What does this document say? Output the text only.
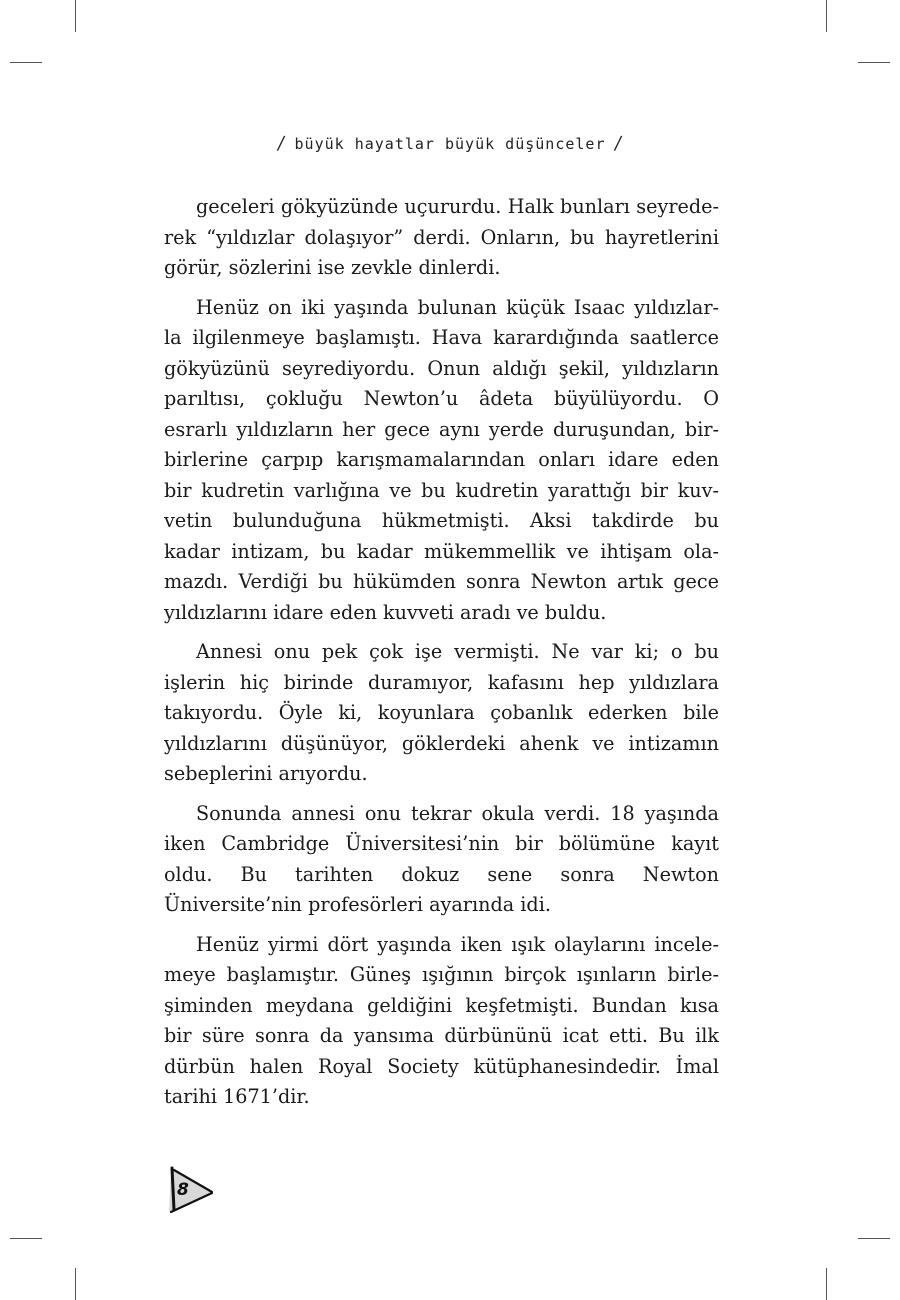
/ büyük hayatlar büyük düşünceler /
geceleri gökyüzünde uçururdu. Halk bunları seyrede-
rek “yıldızlar dolaşıyor” derdi. Onların, bu hayretlerini
görür, sözlerini ise zevkle dinlerdi.
Henüz on iki yaşında bulunan küçük Isaac yıldızlar-
la ilgilenmeye başlamıştı. Hava karardığında saatlerce
gökyüzünü seyrediyordu. Onun aldığı şekil, yıldızların
parıltısı, çokluğu Newton’u âdeta büyülüyordu. O
esrarlı yıldızların her gece aynı yerde duruşundan, bir-
birlerine çarpıp karışmamalarından onları idare eden
bir kudretin varlığına ve bu kudretin yarattığı bir kuv-
vetin bulunduğuna hükmetmişti. Aksi takdirde bu
kadar intizam, bu kadar mükemmellik ve ihtişam ola-
mazdı. Verdiği bu hükümden sonra Newton artık gece
yıldızlarını idare eden kuvveti aradı ve buldu.
Annesi onu pek çok işe vermişti. Ne var ki; o bu
işlerin hiç birinde duramıyor, kafasını hep yıldızlara
takıyordu. Öyle ki, koyunlara çobanlık ederken bile
yıldızlarını düşünüyor, göklerdeki ahenk ve intizamın
sebeplerini arıyordu.
Sonunda annesi onu tekrar okula verdi. 18 yaşında
iken Cambridge Üniversitesi’nin bir bölümüne kayıt
oldu. Bu tarihten dokuz sene sonra Newton
Üniversite’nin profesörleri ayarında idi.
Henüz yirmi dört yaşında iken ışık olaylarını incele-
meye başlamıştır. Güneş ışığının birçok ışınların birle-
şiminden meydana geldiğini keşfetmişti. Bundan kısa
bir süre sonra da yansıma dürbününü icat etti. Bu ilk
dürbün halen Royal Society kütüphanesindedir. İmal
tarihi 1671’dir.
8
